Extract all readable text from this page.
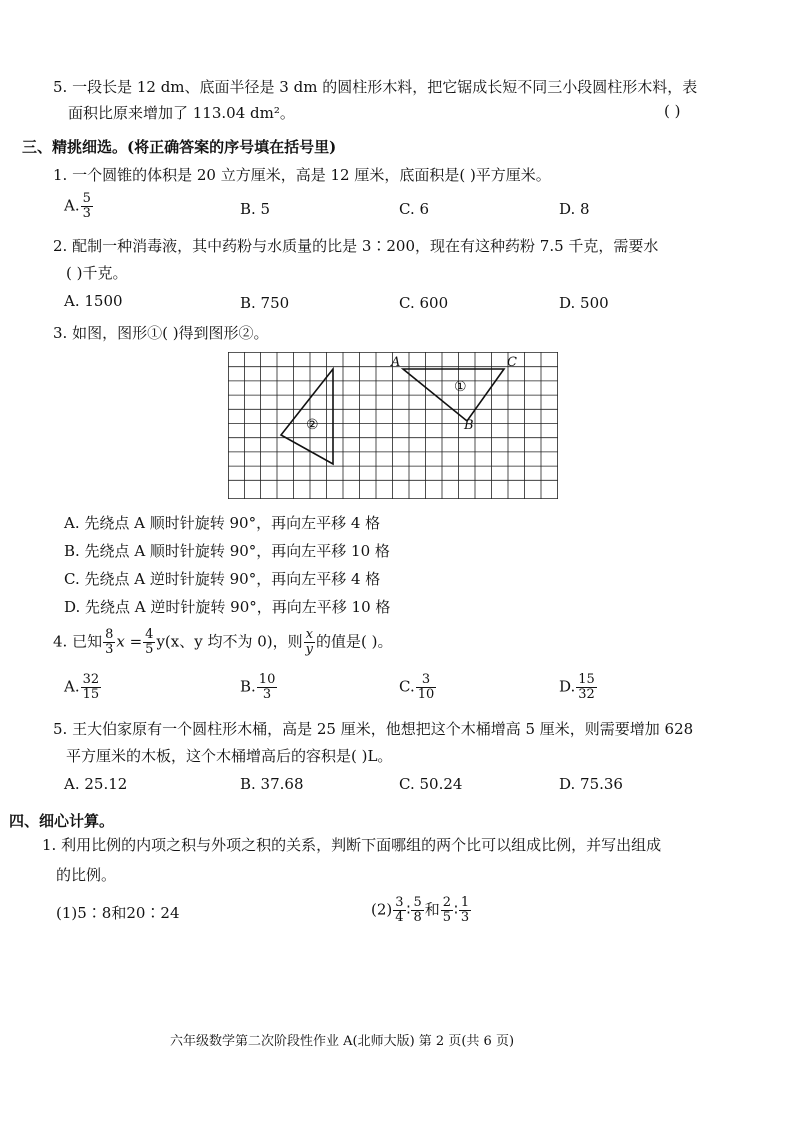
5. 一段长是 12 dm、底面半径是 3 dm 的圆柱形木料，把它锯成长短不同三小段圆柱形木料，表
面积比原来增加了 113.04 dm²。	( )
三、精挑细选。(将正确答案的序号填在括号里)
1. 一个圆锥的体积是 20 立方厘米，高是 12 厘米，底面积是( )平方厘米。
A. $\frac{5}{3}$	B. 5	C. 6	D. 8
2. 配制一种消毒液，其中药粉与水质量的比是 3∶200，现在有这种药粉 7.5 千克，需要水
( )千克。
A. 1500	B. 750	C. 600	D. 500
3. 如图，图形①( )得到图形②。
A	C
B
①
②
A. 先绕点 A 顺时针旋转 90°，再向左平移 4 格
B. 先绕点 A 顺时针旋转 90°，再向左平移 10 格
C. 先绕点 A 逆时针旋转 90°，再向左平移 4 格
D. 先绕点 A 逆时针旋转 90°，再向左平移 10 格
4. 已知 $\frac{8}{3}$ $x = \frac{4}{5} y(x$、y 均不为 0)，则 $\frac{x}{y}$ 的值是( )。
A. $\frac{32}{15}$	B. $\frac{10}{3}$	C. $\frac{3}{10}$	D. $\frac{15}{32}$
5. 王大伯家原有一个圆柱形木桶，高是 25 厘米，他想把这个木桶增高 5 厘米，则需要增加 628
平方厘米的木板，这个木桶增高后的容积是( )L。
A. 25.12	B. 37.68	C. 50.24	D. 75.36
四、细心计算。
1. 利用比例的内项之积与外项之积的关系，判断下面哪组的两个比可以组成比例，并写出组成
的比例。
(1)5∶8和20∶24	$(2) \frac{3}{4}$ ∶ $\frac{5}{8}$ 和 $\frac{2}{5}$ ∶ $\frac{1}{3}$
六年级数学第二次阶段性作业 A(北师大版) 第 2 页(共 6 页)
